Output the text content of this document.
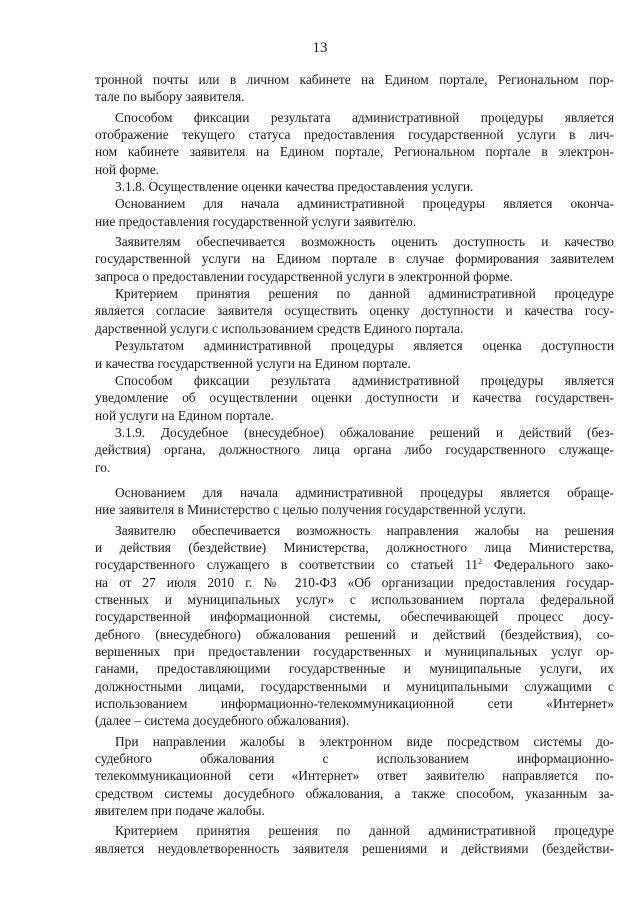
13
тронной почты или в личном кабинете на Едином портале, Региональном пор-
тале по выбору заявителя.
Способом фиксации результата административной процедуры является
отображение текущего статуса предоставления государственной услуги в лич-
ном кабинете заявителя на Едином портале, Региональном портале в электрон-
ной форме.
3.1.8. Осуществление оценки качества предоставления услуги.
Основанием для начала административной процедуры является оконча-
ние предоставления государственной услуги заявителю.
Заявителям обеспечивается возможность оценить доступность и качество
государственной услуги на Едином портале в случае формирования заявителем
запроса о предоставлении государственной услуги в электронной форме.
Критерием принятия решения по данной административной процедуре
является согласие заявителя осуществить оценку доступности и качества госу-
дарственной услуги с использованием средств Единого портала.
Результатом административной процедуры является оценка доступности
и качества государственной услуги на Едином портале.
Способом фиксации результата административной процедуры является
уведомление об осуществлении оценки доступности и качества государствен-
ной услуги на Едином портале.
3.1.9. Досудебное (внесудебное) обжалование решений и действий (без-
действия) органа, должностного лица органа либо государственного служаще-
го.
Основанием для начала административной процедуры является обраще-
ние заявителя в Министерство с целью получения государственной услуги.
Заявителю обеспечивается возможность направления жалобы на решения
и действия (бездействие) Министерства, должностного лица Министерства,
государственного служащего в соответствии со статьей $11^2$ Федерального зако-
на от 27 июля 2010 г. № 210-ФЗ «Об организации предоставления государ-
ственных и муниципальных услуг» с использованием портала федеральной
государственной информационной системы, обеспечивающей процесс досу-
дебного (внесудебного) обжалования решений и действий (бездействия), со-
вершенных при предоставлении государственных и муниципальных услуг ор-
ганами, предоставляющими государственные и муниципальные услуги, их
должностными лицами, государственными и муниципальными служащими с
использованием информационно-телекоммуникационной сети «Интернет»
(далее – система досудебного обжалования).
При направлении жалобы в электронном виде посредством системы до-
судебного обжалования с использованием информационно-
телекоммуникационной сети «Интернет» ответ заявителю направляется по-
средством системы досудебного обжалования, а также способом, указанным за-
явителем при подаче жалобы.
Критерием принятия решения по данной административной процедуре
является неудовлетворенность заявителя решениями и действиями (бездействи-
